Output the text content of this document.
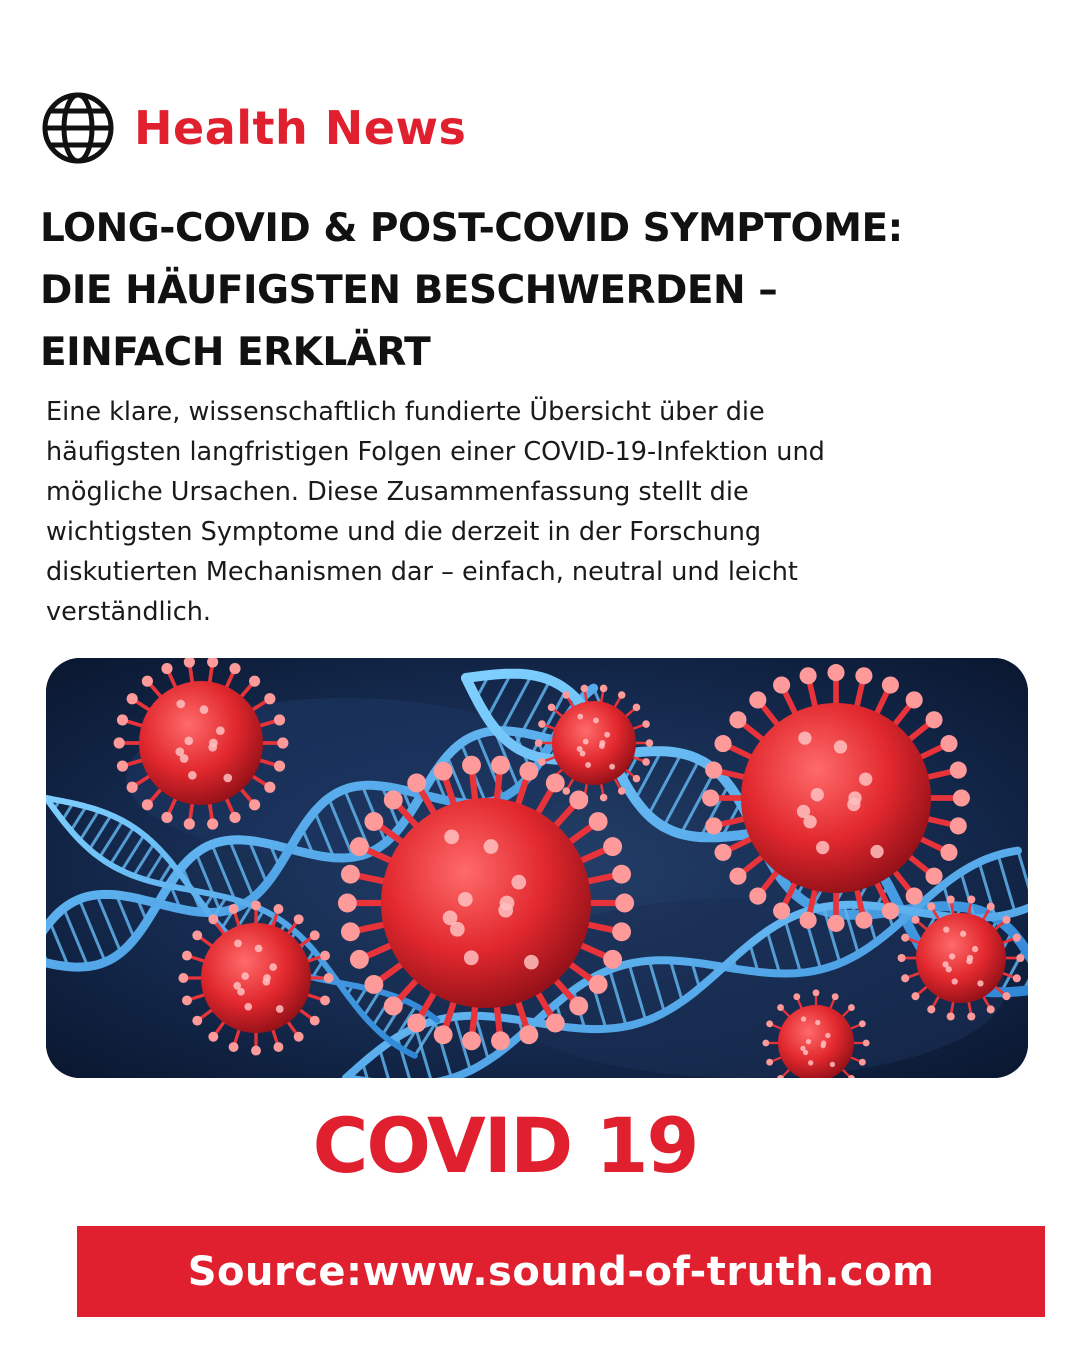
Health News
LONG-COVID & POST-COVID SYMPTOME:
DIE HÄUFIGSTEN BESCHWERDEN –
EINFACH ERKLÄRT

Eine klare, wissenschaftlich fundierte Übersicht über die
häufigsten langfristigen Folgen einer COVID-19-Infektion und
mögliche Ursachen. Diese Zusammenfassung stellt die
wichtigsten Symptome und die derzeit in der Forschung
diskutierten Mechanismen dar – einfach, neutral und leicht
verständlich.

COVID 19
Source:www.sound-of-truth.com
